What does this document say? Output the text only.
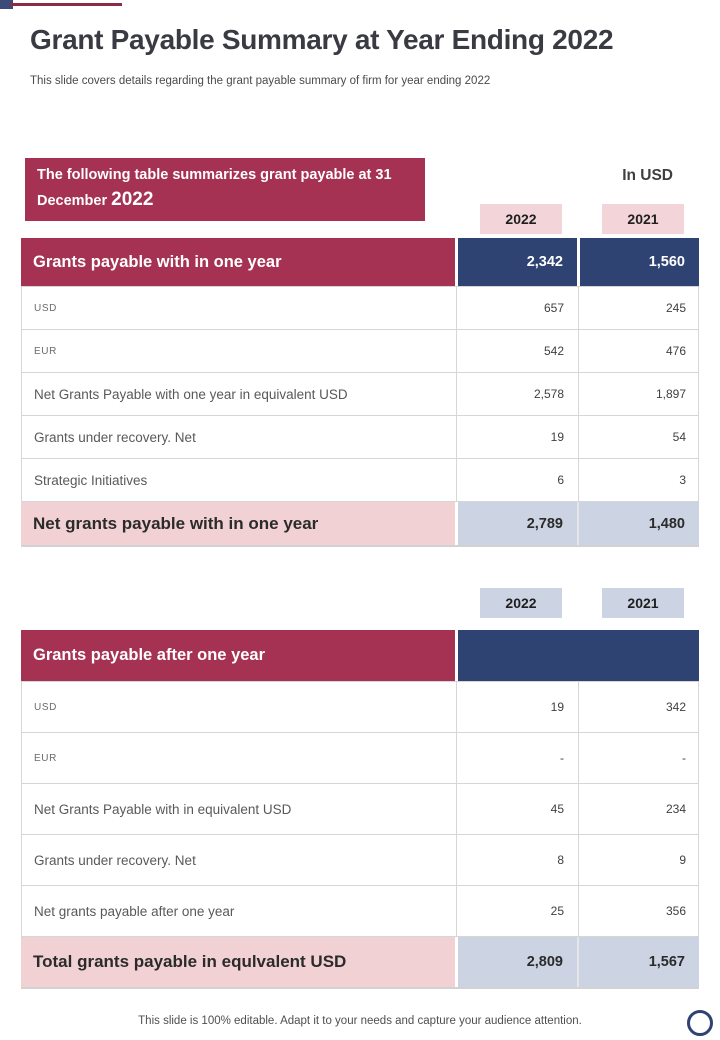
Grant Payable Summary at Year Ending 2022

This slide covers details regarding the grant payable summary of firm for year ending 2022

The following table summarizes grant payable at 31 December 2022
In USD
2022	2021
Grants payable with in one year	2,342	1,560
USD	657	245
EUR	542	476
Net Grants Payable with one year in equivalent USD	2,578	1,897
Grants under recovery. Net	19	54
Strategic Initiatives	6	3
Net grants payable with in one year	2,789	1,480
2022	2021
Grants payable after one year
USD	19	342
EUR	-	-
Net Grants Payable with in equivalent USD	45	234
Grants under recovery. Net	8	9
Net grants payable after one year	25	356
Total grants payable in equlvalent USD	2,809	1,567
This slide is 100% editable. Adapt it to your needs and capture your audience attention.
